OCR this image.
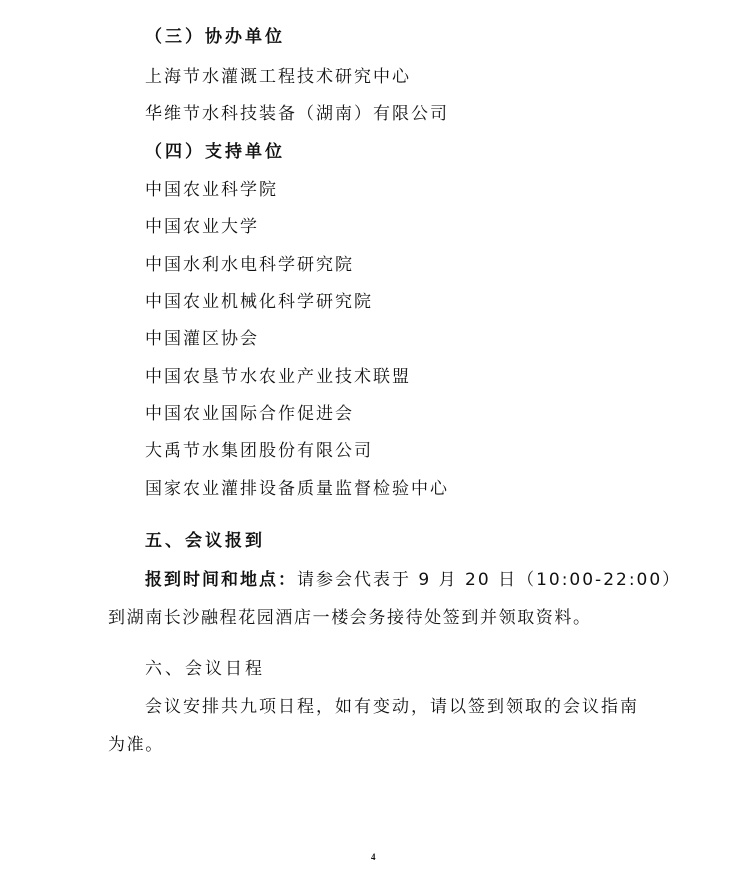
（三）协办单位
上海节水灌溉工程技术研究中心
华维节水科技装备（湖南）有限公司
（四）支持单位
中国农业科学院
中国农业大学
中国水利水电科学研究院
中国农业机械化科学研究院
中国灌区协会
中国农垦节水农业产业技术联盟
中国农业国际合作促进会
大禹节水集团股份有限公司
国家农业灌排设备质量监督检验中心
五、会议报到
报到时间和地点：请参会代表于 9 月 20 日（10:00-22:00）
到湖南长沙融程花园酒店一楼会务接待处签到并领取资料。
六、会议日程
会议安排共九项日程，如有变动，请以签到领取的会议指南
为准。
4
